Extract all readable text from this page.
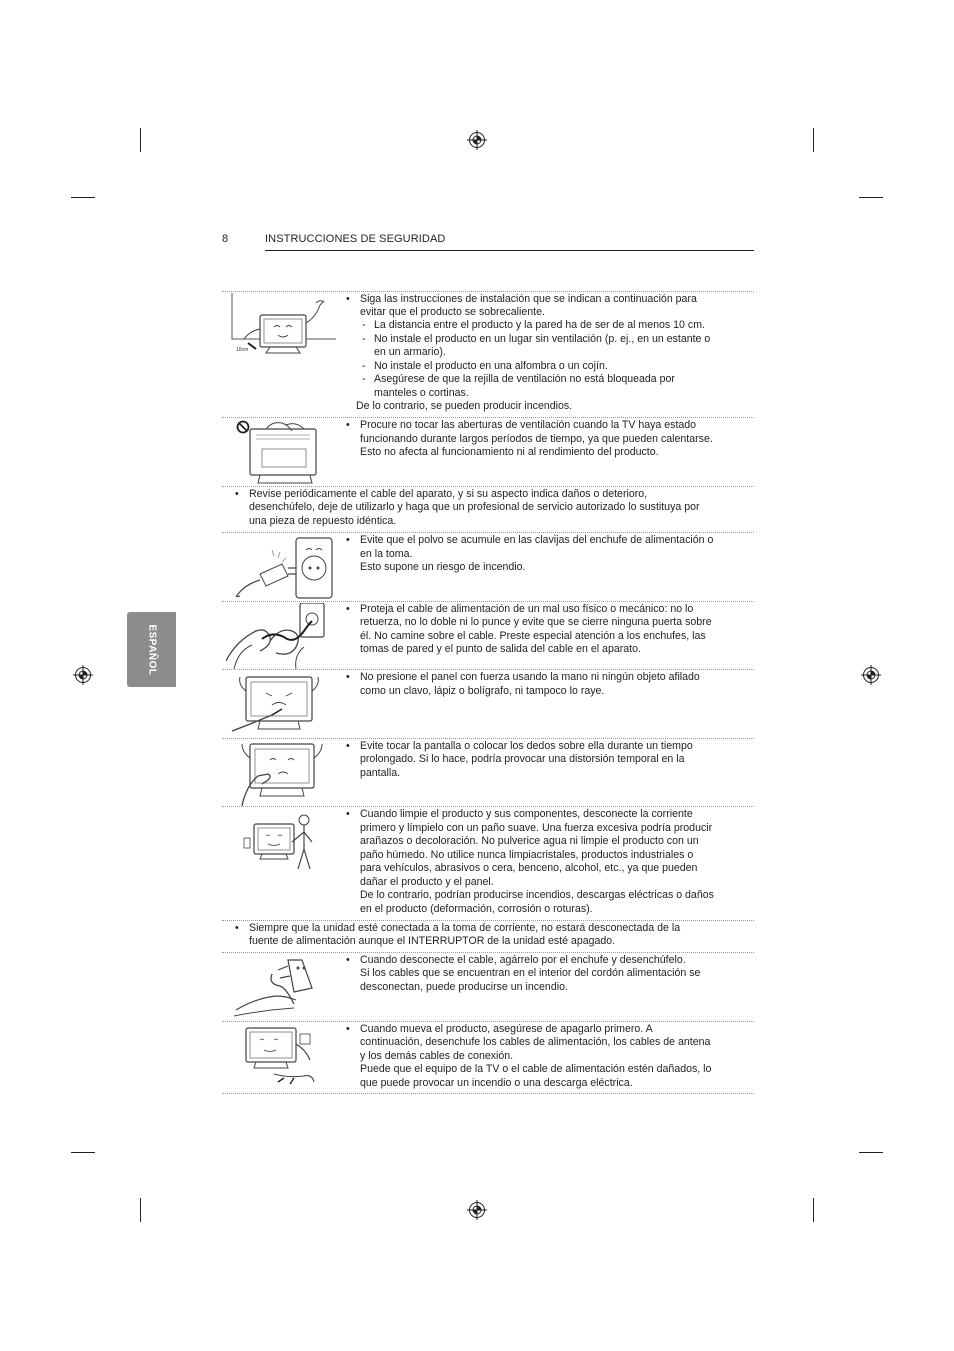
8	INSTRUCCIONES DE SEGURIDAD
ESPAÑOL
10cm
• Siga las instrucciones de instalación que se indican a continuación para
evitar que el producto se sobrecaliente.
- La distancia entre el producto y la pared ha de ser de al menos 10 cm.
- No instale el producto en un lugar sin ventilación (p. ej., en un estante o
en un armario).
- No instale el producto en una alfombra o un cojín.
- Asegúrese de que la rejilla de ventilación no está bloqueada por
manteles o cortinas.
De lo contrario, se pueden producir incendios.
• Procure no tocar las aberturas de ventilación cuando la TV haya estado
funcionando durante largos períodos de tiempo, ya que pueden calentarse.
Esto no afecta al funcionamiento ni al rendimiento del producto.
• Revise periódicamente el cable del aparato, y si su aspecto indica daños o deterioro,
desenchúfelo, deje de utilizarlo y haga que un profesional de servicio autorizado lo sustituya por
una pieza de repuesto idéntica.
• Evite que el polvo se acumule en las clavijas del enchufe de alimentación o
en la toma.
Esto supone un riesgo de incendio.
• Proteja el cable de alimentación de un mal uso físico o mecánico: no lo
retuerza, no lo doble ni lo punce y evite que se cierre ninguna puerta sobre
él. No camine sobre el cable. Preste especial atención a los enchufes, las
tomas de pared y el punto de salida del cable en el aparato.
• No presione el panel con fuerza usando la mano ni ningún objeto afilado
como un clavo, lápiz o bolígrafo, ni tampoco lo raye.
• Evite tocar la pantalla o colocar los dedos sobre ella durante un tiempo
prolongado. Si lo hace, podría provocar una distorsión temporal en la
pantalla.
• Cuando limpie el producto y sus componentes, desconecte la corriente
primero y límpielo con un paño suave. Una fuerza excesiva podría producir
arañazos o decoloración. No pulverice agua ni limpie el producto con un
paño húmedo. No utilice nunca limpiacristales, productos industriales o
para vehículos, abrasivos o cera, benceno, alcohol, etc., ya que pueden
dañar el producto y el panel.
De lo contrario, podrían producirse incendios, descargas eléctricas o daños
en el producto (deformación, corrosión o roturas).
• Siempre que la unidad esté conectada a la toma de corriente, no estará desconectada de la
fuente de alimentación aunque el INTERRUPTOR de la unidad esté apagado.
• Cuando desconecte el cable, agárrelo por el enchufe y desenchúfelo.
Si los cables que se encuentran en el interior del cordón alimentación se
desconectan, puede producirse un incendio.
• Cuando mueva el producto, asegúrese de apagarlo primero. A
continuación, desenchufe los cables de alimentación, los cables de antena
y los demás cables de conexión.
Puede que el equipo de la TV o el cable de alimentación estén dañados, lo
que puede provocar un incendio o una descarga eléctrica.
